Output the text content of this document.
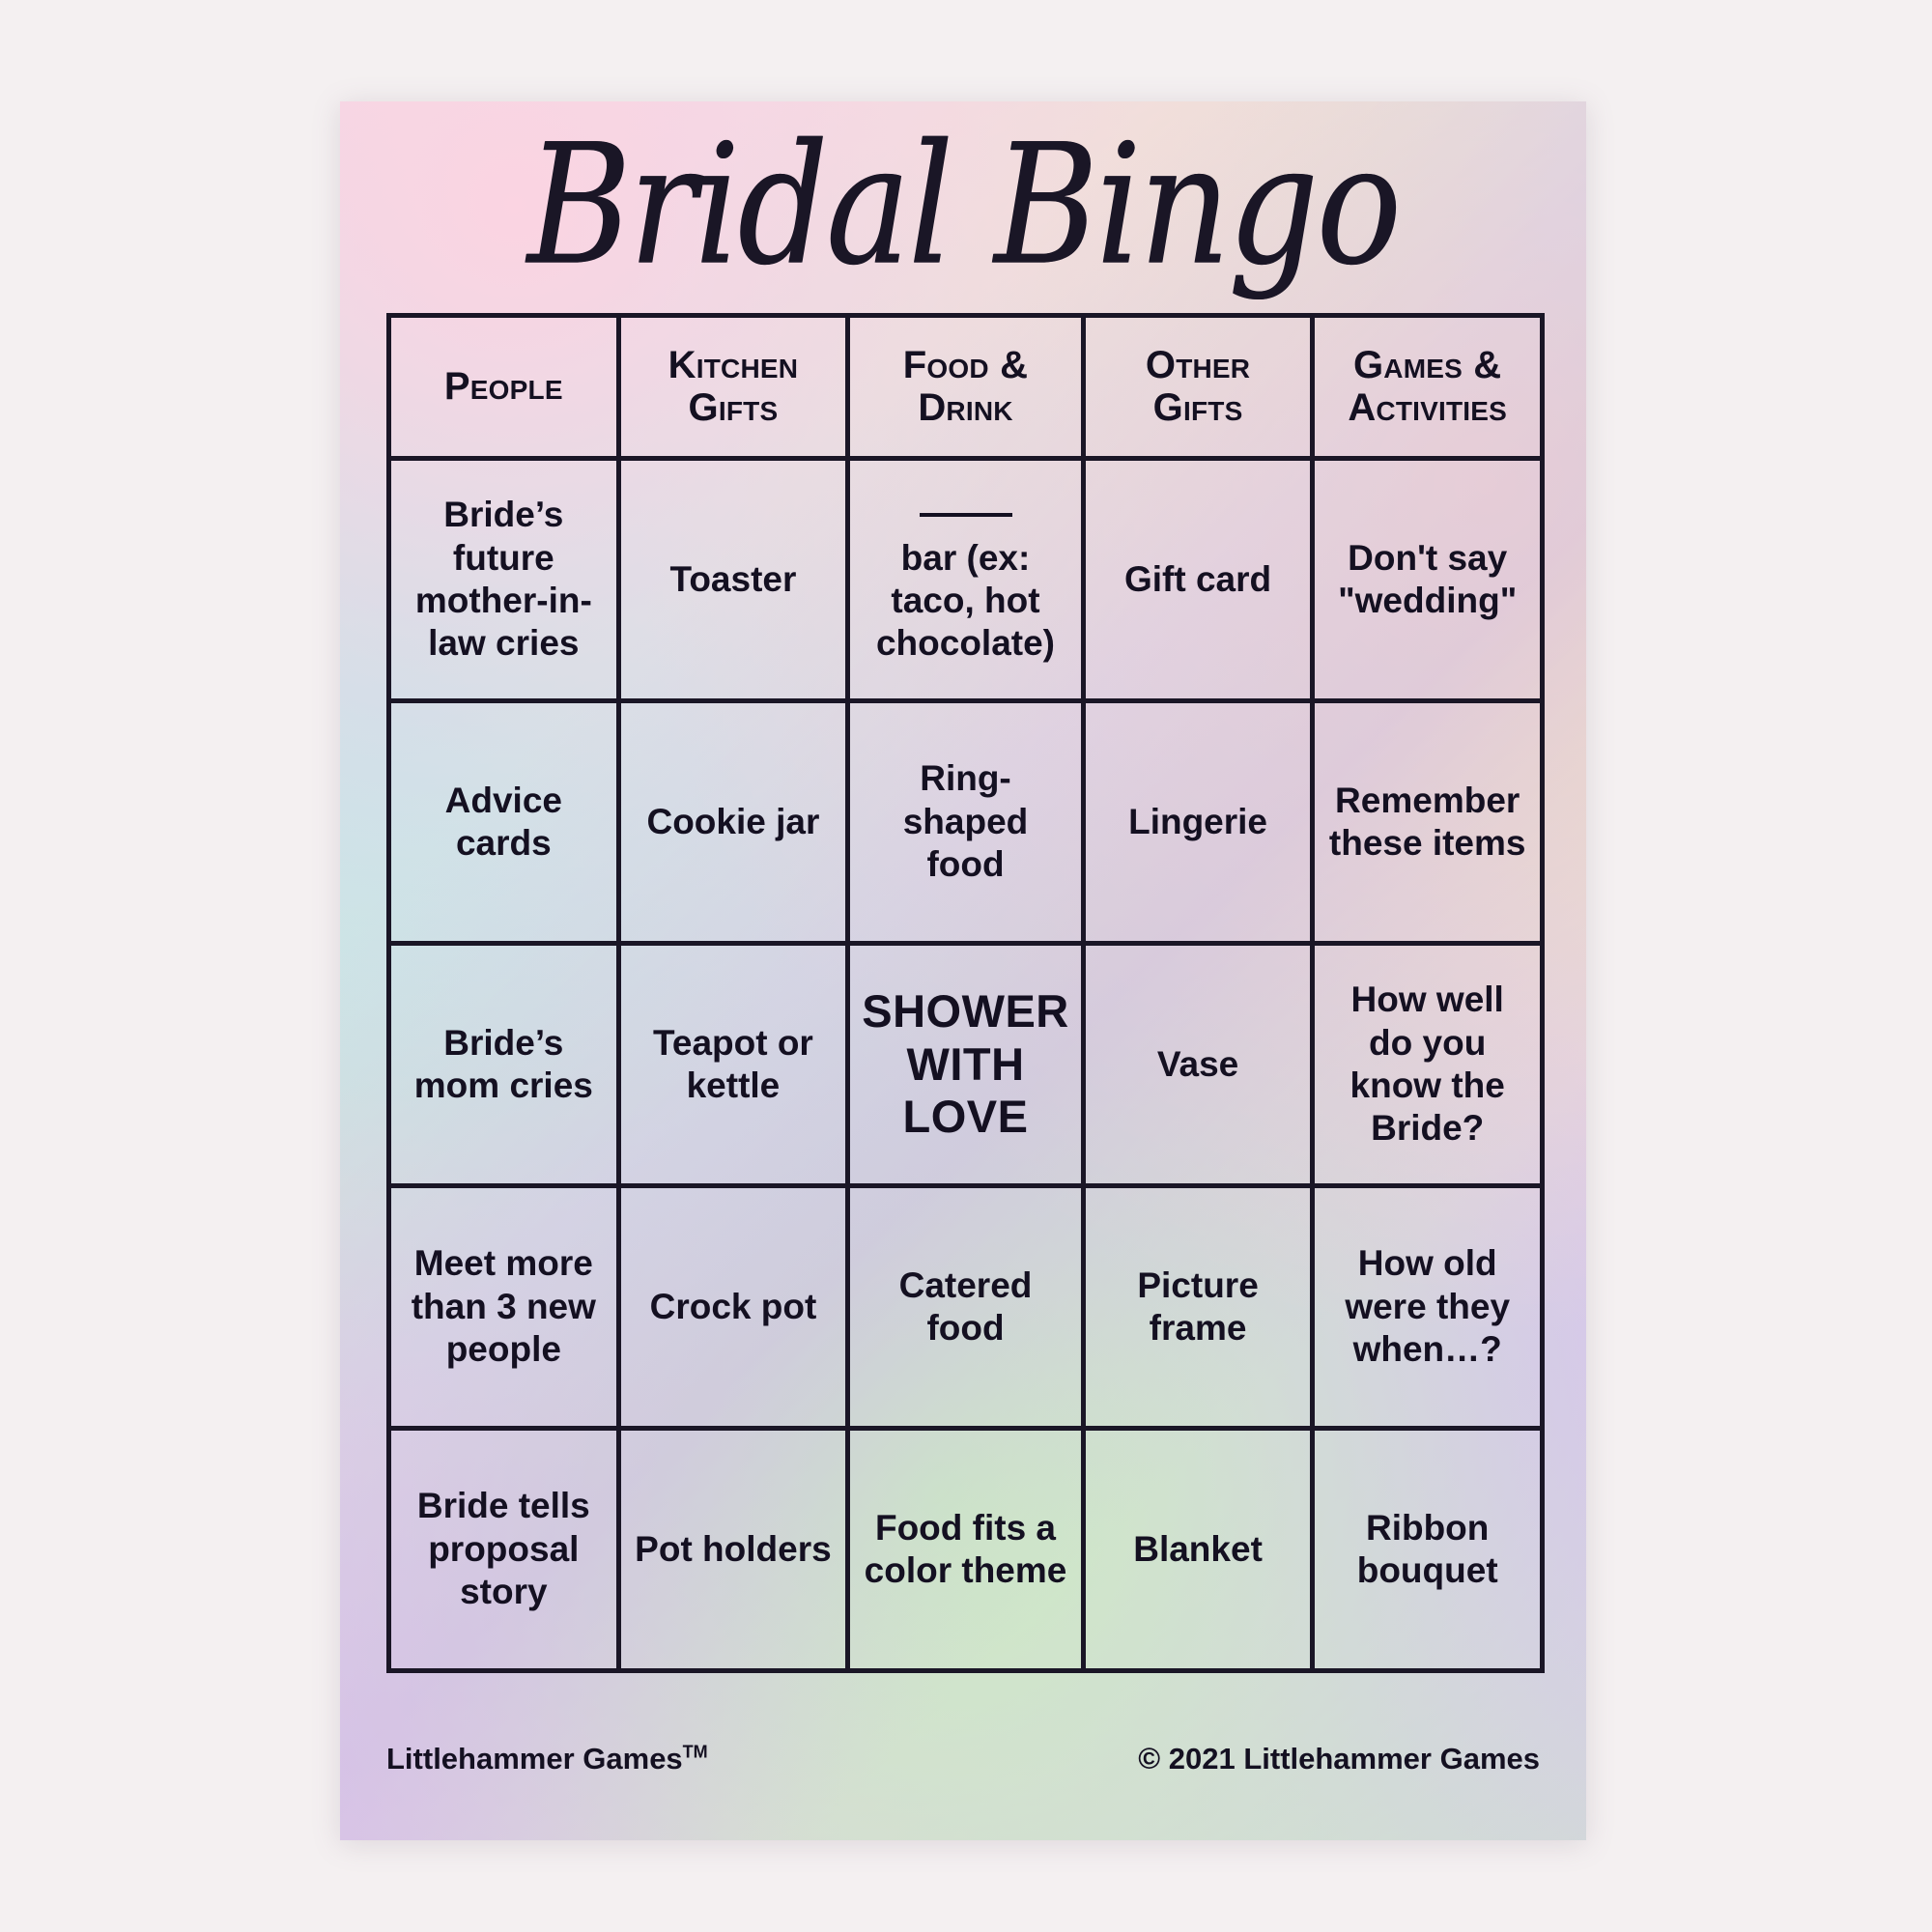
Bridal Bingo
People	Kitchen Gifts
Food & Drink
Other Gifts
Games & Activities
Bride’s future mother-in-law cries
Toaster

bar (ex: taco, hot chocolate)
Gift card
Don't say "wedding"
Advice cards
Cookie jar
Ring-shaped food
Lingerie
Remember these items
Bride’s mom cries
Teapot or kettle
SHOWER WITH LOVE
Vase
How well do you know the Bride?
Meet more than 3 new people
Crock pot
Catered food
Picture frame
How old were they when…?
Bride tells proposal story
Pot holders
Food fits a color theme
Blanket
Ribbon bouquet
Littlehammer Games™	© 2021 Littlehammer Games
